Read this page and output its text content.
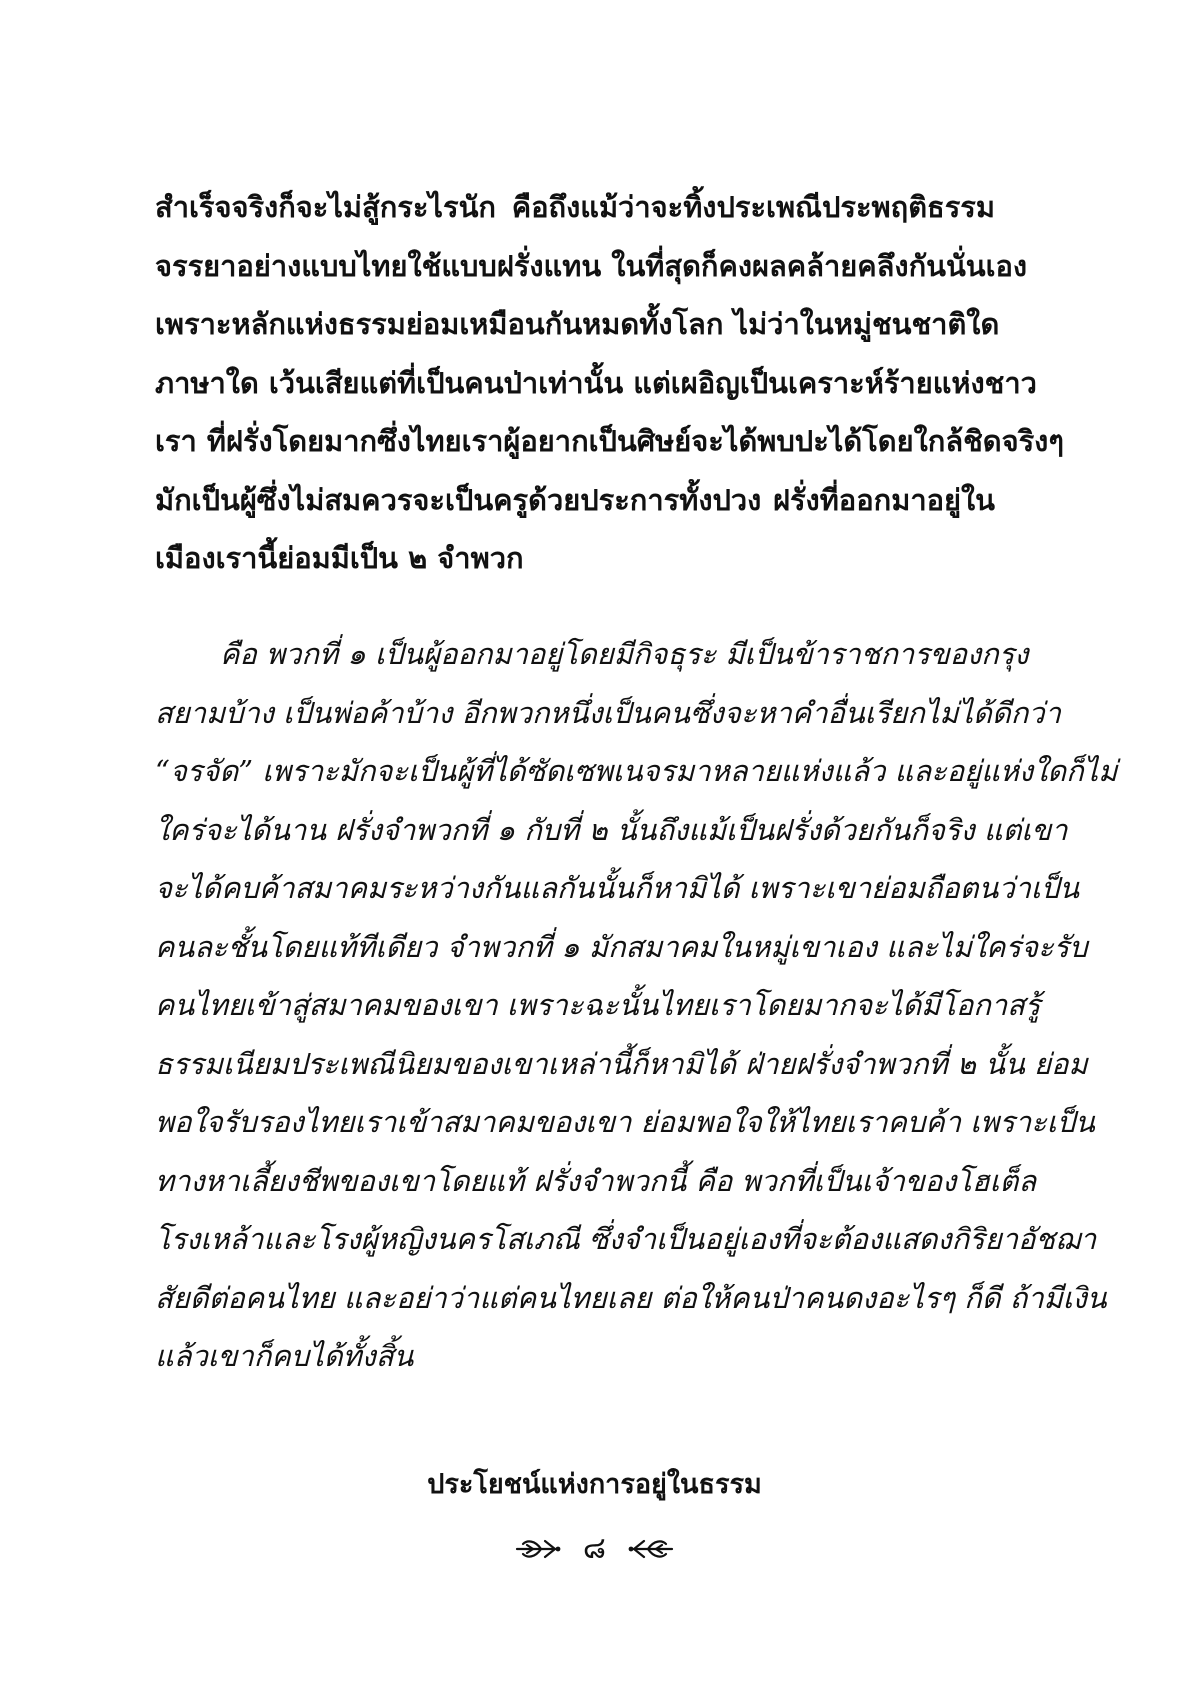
สำเร็จจริงก็จะไม่สู้กระไรนัก คือถึงแม้ว่าจะทิ้งประเพณีประพฤติธรรม
จรรยาอย่างแบบไทยใช้แบบฝรั่งแทน ในที่สุดก็คงผลคล้ายคลึงกันนั่นเอง
เพราะหลักแห่งธรรมย่อมเหมือนกันหมดทั้งโลก ไม่ว่าในหมู่ชนชาติใด
ภาษาใด เว้นเสียแต่ที่เป็นคนป่าเท่านั้น แต่เผอิญเป็นเคราะห์ร้ายแห่งชาว
เรา ที่ฝรั่งโดยมากซึ่งไทยเราผู้อยากเป็นศิษย์จะได้พบปะได้โดยใกล้ชิดจริงๆ
มักเป็นผู้ซึ่งไม่สมควรจะเป็นครูด้วยประการทั้งปวง ฝรั่งที่ออกมาอยู่ใน
เมืองเรานี้ย่อมมีเป็น ๒ จำพวก

คือ พวกที่ ๑ เป็นผู้ออกมาอยู่โดยมีกิจธุระ มีเป็นข้าราชการของกรุง
สยามบ้าง เป็นพ่อค้าบ้าง อีกพวกหนึ่งเป็นคนซึ่งจะหาคำอื่นเรียกไม่ได้ดีกว่า
“จรจัด” เพราะมักจะเป็นผู้ที่ได้ซัดเซพเนจรมาหลายแห่งแล้ว และอยู่แห่งใดก็ไม่
ใคร่จะได้นาน ฝรั่งจำพวกที่ ๑ กับที่ ๒ นั้นถึงแม้เป็นฝรั่งด้วยกันก็จริง แต่เขา
จะได้คบค้าสมาคมระหว่างกันแลกันนั้นก็หามิได้ เพราะเขาย่อมถือตนว่าเป็น
คนละชั้นโดยแท้ทีเดียว จำพวกที่ ๑ มักสมาคมในหมู่เขาเอง และไม่ใคร่จะรับ
คนไทยเข้าสู่สมาคมของเขา เพราะฉะนั้นไทยเราโดยมากจะได้มีโอกาสรู้
ธรรมเนียมประเพณีนิยมของเขาเหล่านี้ก็หามิได้ ฝ่ายฝรั่งจำพวกที่ ๒ นั้น ย่อม
พอใจรับรองไทยเราเข้าสมาคมของเขา ย่อมพอใจให้ไทยเราคบค้า เพราะเป็น
ทางหาเลี้ยงชีพของเขาโดยแท้ ฝรั่งจำพวกนี้ คือ พวกที่เป็นเจ้าของโฮเต็ล
โรงเหล้าและโรงผู้หญิงนครโสเภณี ซึ่งจำเป็นอยู่เองที่จะต้องแสดงกิริยาอัชฌา
สัยดีต่อคนไทย และอย่าว่าแต่คนไทยเลย ต่อให้คนป่าคนดงอะไรๆ ก็ดี ถ้ามีเงิน
แล้วเขาก็คบได้ทั้งสิ้น

ประโยชน์แห่งการอยู่ในธรรม
๘
